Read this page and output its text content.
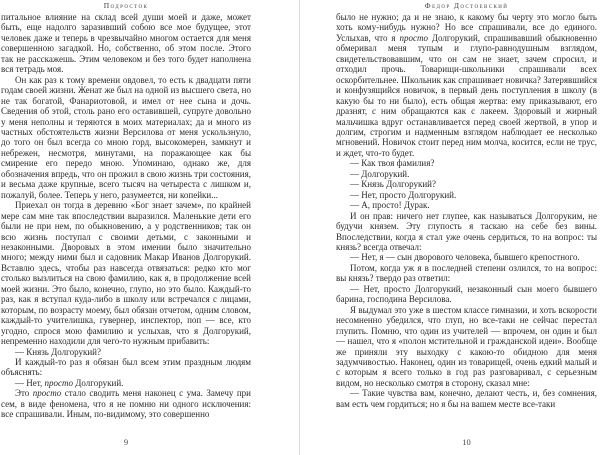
Подросток

питальное влияние на склад всей души моей и даже, может быть, еще надолго заразивший собою все мое будущее, этот человек даже и теперь в чрезвычайно многом остается для меня совершенною загадкой. Но, собственно, об этом после. Этого так не расскажешь. Этим человеком и без того будет наполнена вся тетрадь моя.

Он как раз к тому времени овдовел, то есть к двадцати пяти годам своей жизни. Женат же был на одной из высшего света, но не так богатой, Фанариотовой, и имел от нее сына и дочь. Сведения об этой, столь рано его оставившей, супруге довольно у меня неполны и теряются в моих материалах; да и много из частных обстоятельств жизни Версилова от меня ускользнуло, до того он был всегда со мною горд, высокомерен, замкнут и небрежен, несмотря, минутами, на поражающее как бы смирение его передо мною. Упоминаю, однако же, для обозначения впредь, что он прожил в свою жизнь три состояния, и весьма даже крупные, всего тысяч на четыреста с лишком и, пожалуй, более. Теперь у него, разумеется, ни копейки...

Приехал он тогда в деревню «Бог знает зачем», по крайней мере сам мне так впоследствии выразился. Маленькие дети его были не при нем, по обыкновению, а у родственников; так он всю жизнь поступал с своими детьми, с законными и незаконными. Дворовых в этом имении было значительно много; между ними был и садовник Макар Иванов Долгорукий. Вставлю здесь, чтобы раз навсегда отвязаться: редко кто мог столько вызлиться на свою фамилию, как я, в продолжение всей моей жизни. Это было, конечно, глупо, но это было. Каждый-то раз, как я вступал куда-либо в школу или встречался с лицами, которым, по возрасту моему, был обязан отчетом, одним словом, каждый-то учителишка, гувернер, инспектор, поп — все, кто угодно, спрося мою фамилию и услыхав, что я Долгорукий, непременно находили для чего-то нужным прибавить:

— Князь Долгорукий?

И каждый-то раз я обязан был всем этим праздным людям объяснять:

— Нет, просто Долгорукий.

Это просто стало сводить меня наконец с ума. Замечу при сем, в виде феномена, что я не помню ни одного исключения: все спрашивали. Иным, по-видимому, это совершенно

9
Федор Достоевский

было не нужно; да и не знаю, к какому бы черту это могло быть хоть кому-нибудь нужно? Но все спрашивали, все до единого. Услыхав, что я просто Долгорукий, спрашивавший обыкновенно обмеривал меня тупым и глупо-равнодушным взглядом, свидетельствовавшим, что он сам не знает, зачем спросил, и отходил прочь. Товарищи-школьники спрашивали всех оскорбительнее. Школьник как спрашивает новичка? Затерявшийся и конфузящийся новичок, в первый день поступления в школу (в какую бы то ни было), есть общая жертва: ему приказывают, его дразнят, с ним обращаются как с лакеем. Здоровый и жирный мальчишка вдруг останавливается перед своей жертвой, в упор и долгим, строгим и надменным взглядом наблюдает ее несколько мгновений. Новичок стоит перед ним молча, косится, если не трус, и ждет, что-то будет.

— Как твоя фамилия?

— Долгорукий.

— Князь Долгорукий?

— Нет, просто Долгорукий.

— А, просто! Дурак.

И он прав: ничего нет глупее, как называться Долгоруким, не будучи князем. Эту глупость я таскаю на себе без вины. Впоследствии, когда я стал уже очень сердиться, то на вопрос: ты князь? всегда отвечал:

— Нет, я — сын дворового человека, бывшего крепостного.

Потом, когда уж я в последней степени озлился, то на вопрос: вы князь? твердо раз ответил:

— Нет, просто Долгорукий, незаконный сын моего бывшего барина, господина Версилова.

Я выдумал это уже в шестом классе гимназии, и хоть вскорости несомненно убедился, что глуп, но все-таки не сейчас перестал глупить. Помню, что один из учителей — впрочем, он один и был — нашел, что я «полон мстительной и гражданской идеи». Вообще же приняли эту выходку с какою-то обидною для меня задумчивостью. Наконец, один из товарищей, очень едкий малый и с которым я всего только в год раз разговаривал, с серьезным видом, но несколько смотря в сторону, сказал мне:

— Такие чувства вам, конечно, делают честь, и, без сомнения, вам есть чем гордиться; но я бы на вашем месте все-таки

10
